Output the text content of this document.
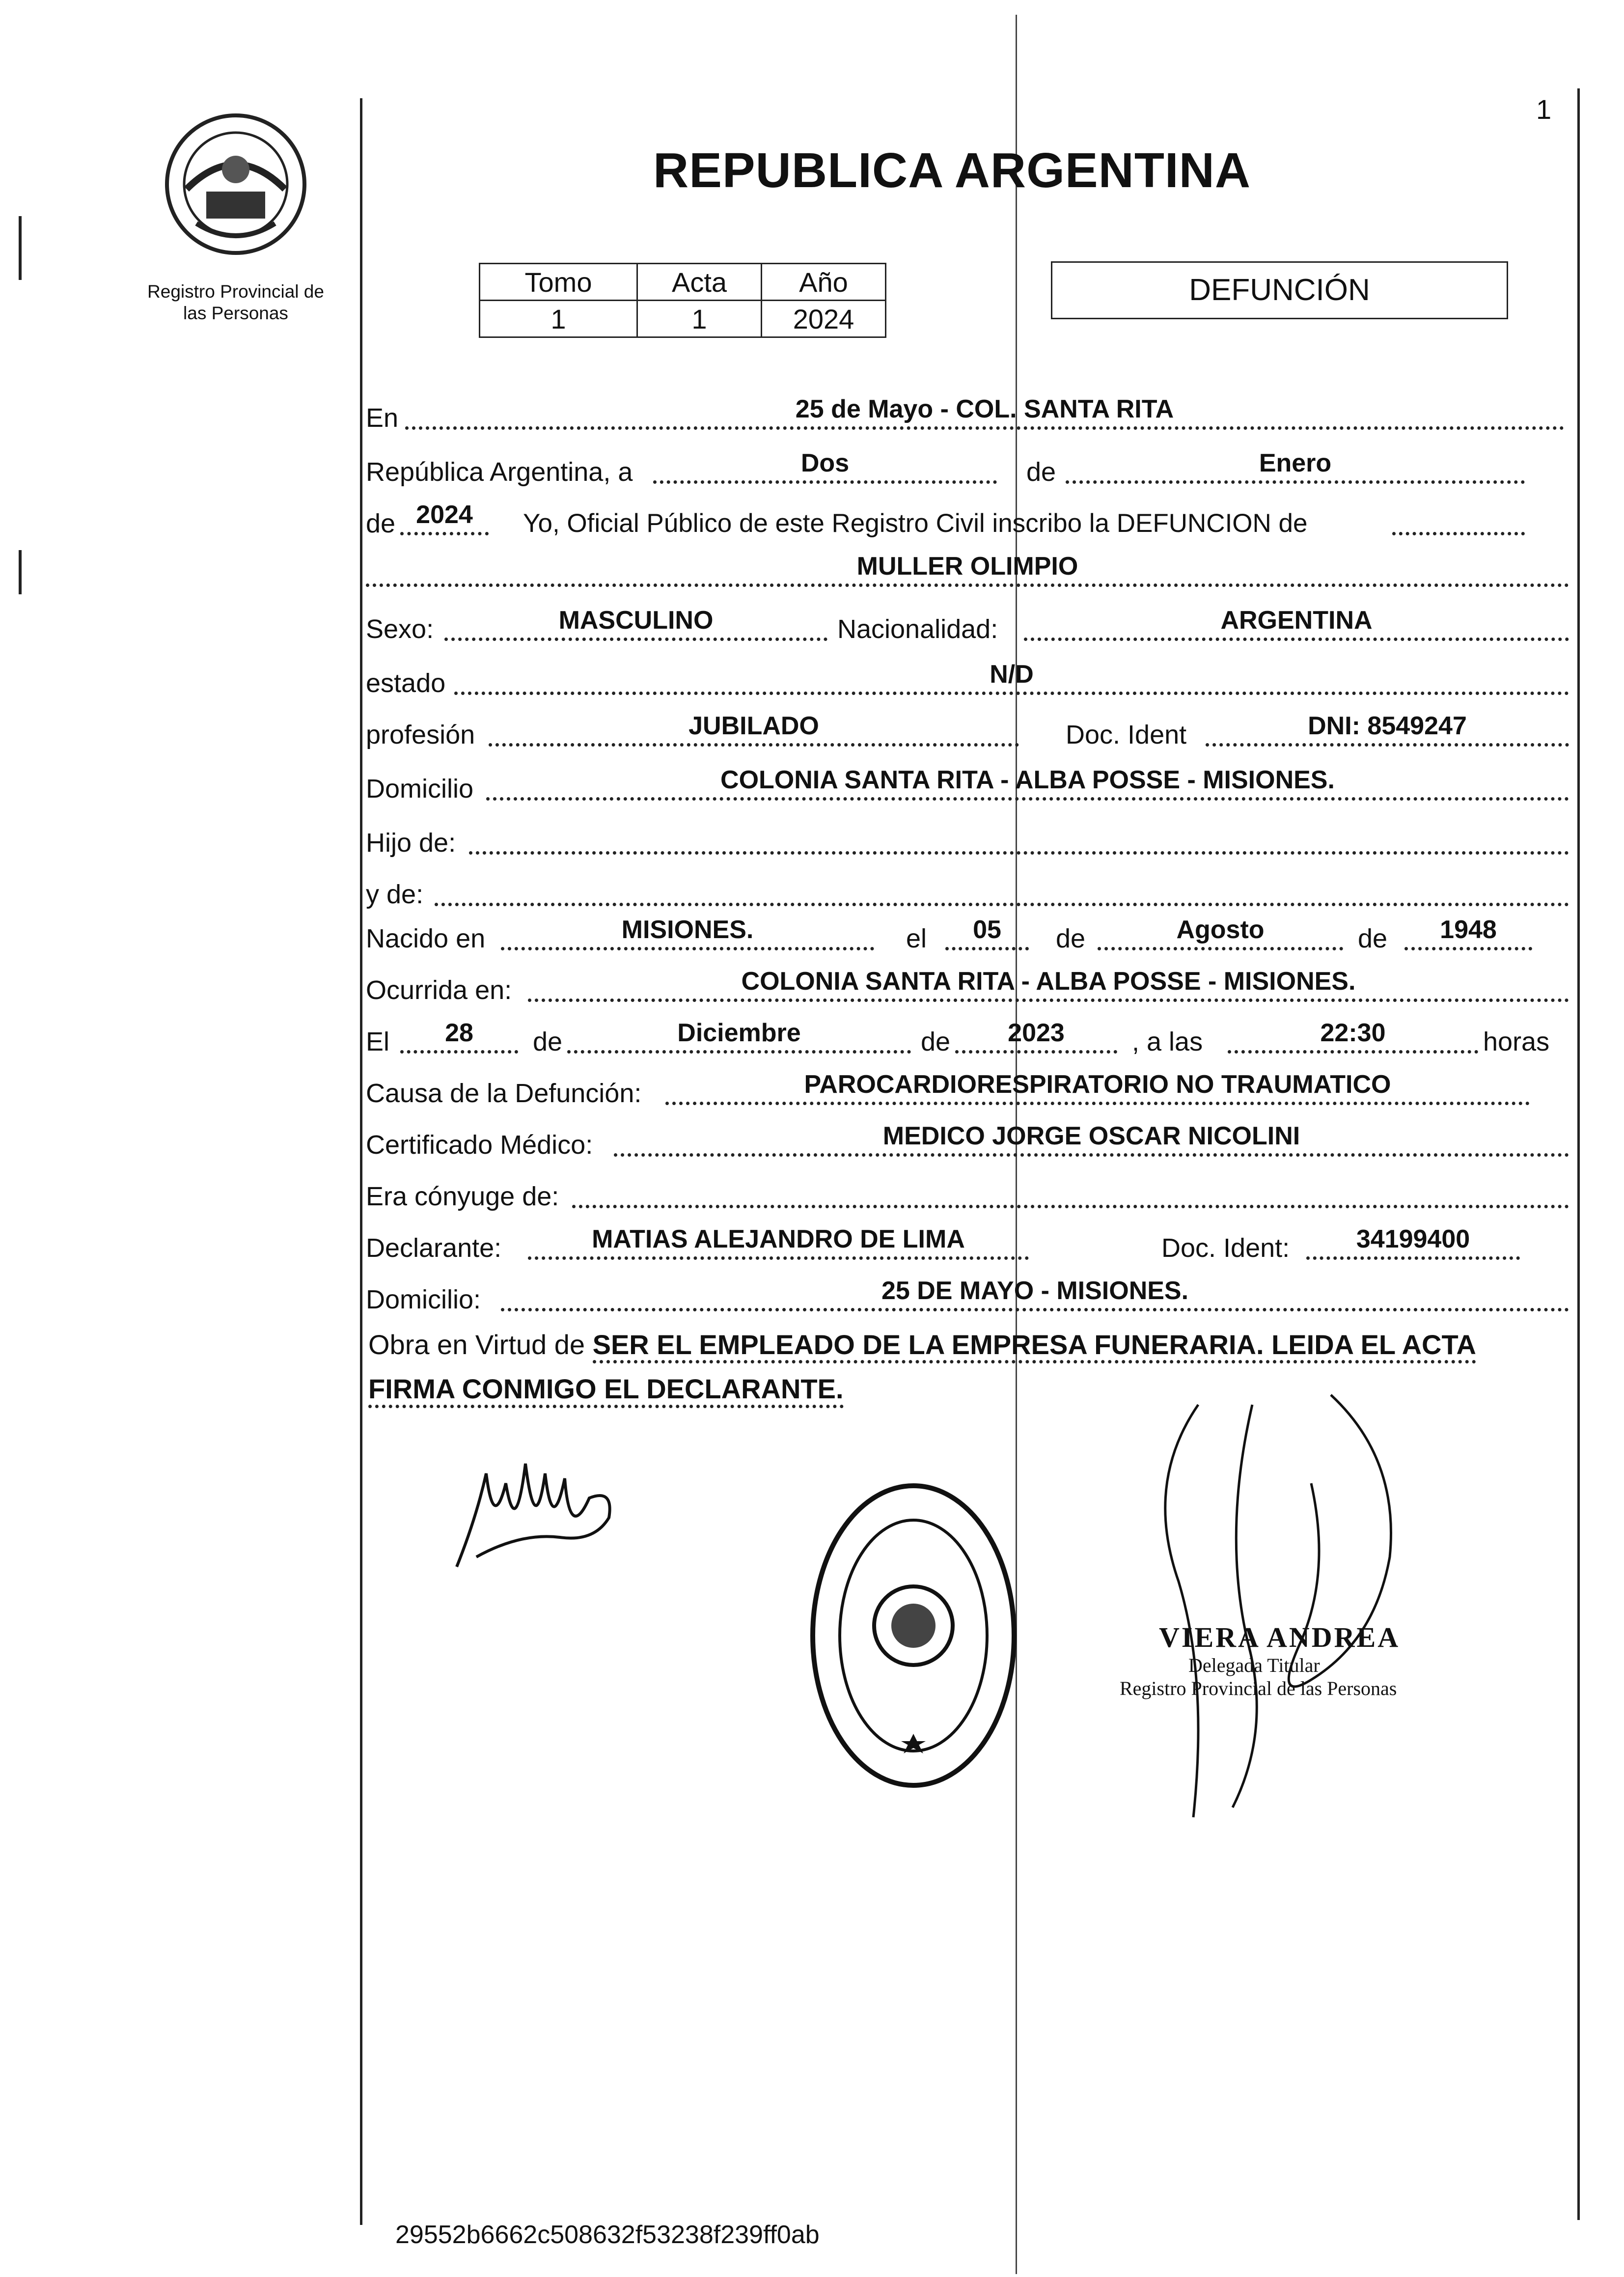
Registro Provincial de
las Personas
REPUBLICA ARGENTINA
1
Tomo	Acta	Año
1	1	2024
DEFUNCIÓN
En	25 de Mayo - COL. SANTA RITA
República Argentina, a	Dos	de	Enero
de 2024	Yo, Oficial Público de este Registro Civil inscribo la DEFUNCION de
MULLER OLIMPIO
Sexo:	MASCULINO	Nacionalidad:	ARGENTINA
estado	N/D
profesión	JUBILADO	Doc. Ident	DNI: 8549247
Domicilio	COLONIA SANTA RITA - ALBA POSSE - MISIONES.
Hijo de:
y de:
Nacido en	MISIONES.	el	05	de	Agosto	de	1948
Ocurrida en:	COLONIA SANTA RITA - ALBA POSSE - MISIONES.
El	28	de	Diciembre	de	2023	, a las	22:30	horas
Causa de la Defunción:	PAROCARDIORESPIRATORIO NO TRAUMATICO
Certificado Médico:	MEDICO JORGE OSCAR NICOLINI
Era cónyuge de:
Declarante:	MATIAS ALEJANDRO DE LIMA	Doc. Ident:	34199400
Domicilio:	25 DE MAYO - MISIONES.
Obra en Virtud de SER EL EMPLEADO DE LA EMPRESA FUNERARIA. LEIDA EL ACTA
FIRMA CONMIGO EL DECLARANTE.
VIERA ANDREA
Delegada Titular
Registro Provincial de las Personas
29552b6662c508632f53238f239ff0ab
